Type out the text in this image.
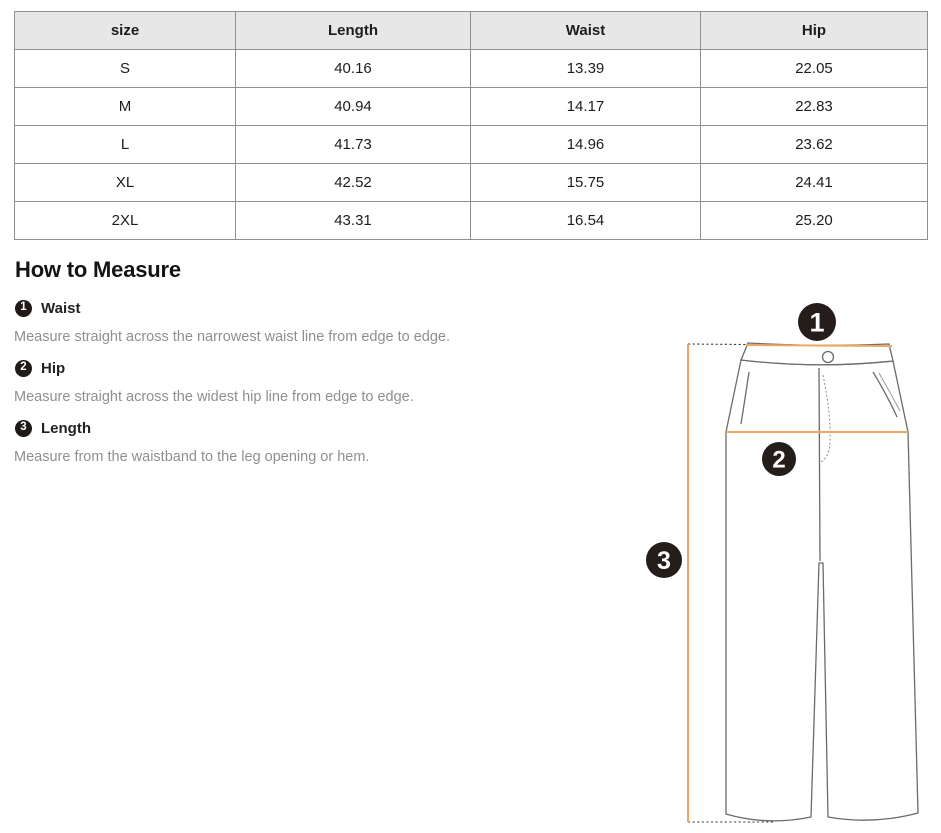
size	Length	Waist	Hip
S	40.16	13.39	22.05
M	40.94	14.17	22.83
L	41.73	14.96	23.62
XL	42.52	15.75	24.41
2XL	43.31	16.54	25.20
How to Measure
1 Waist

Measure straight across the narrowest waist line from edge to edge.

2 Hip

Measure straight across the widest hip line from edge to edge.

3 Length

Measure from the waistband to the leg opening or hem.

1
2
3
